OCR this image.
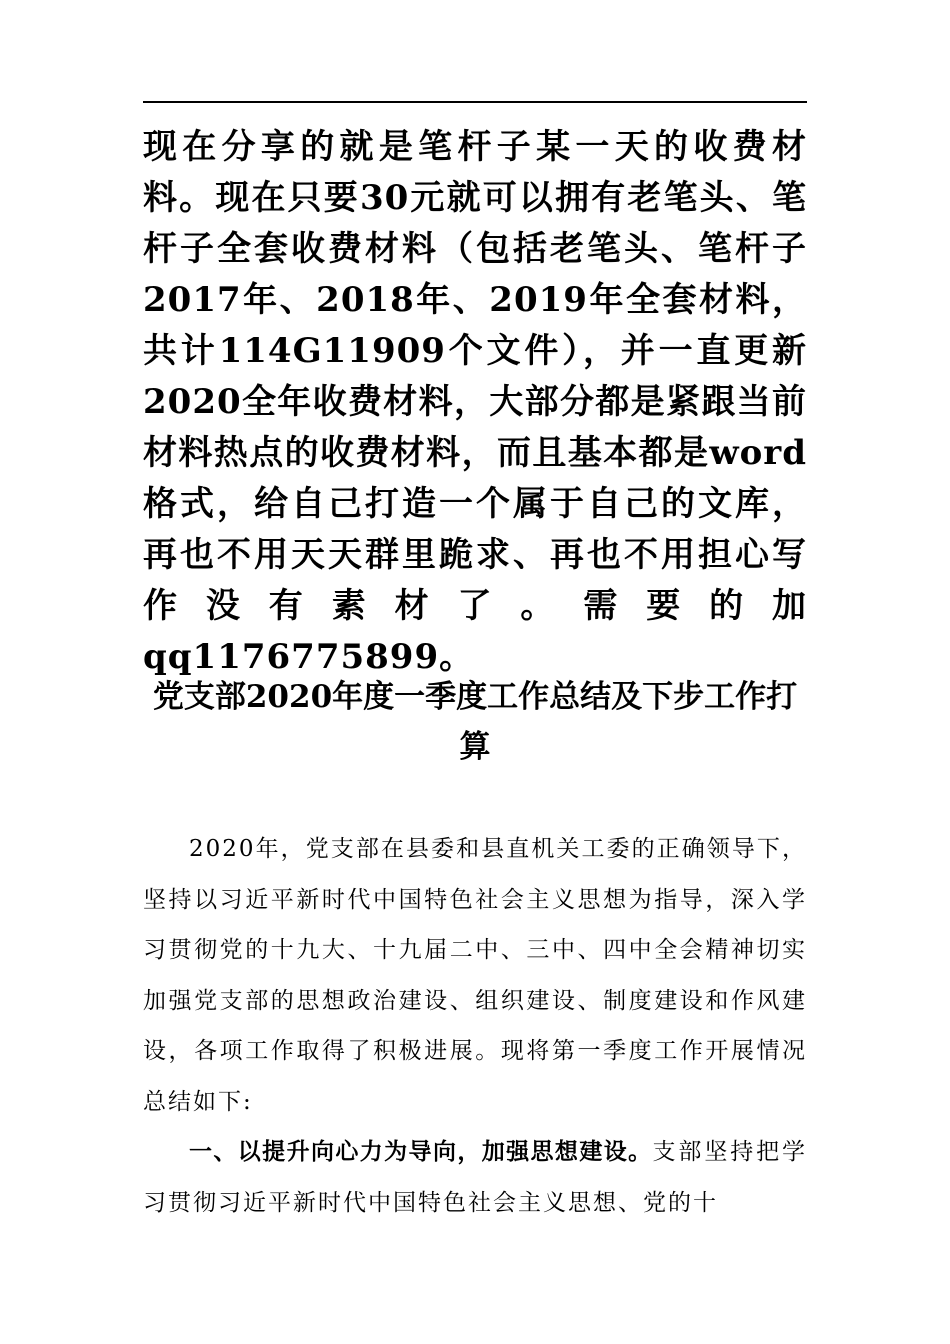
现在分享的就是笔杆子某一天的收费材料。现在只要30元就可以拥有老笔头、笔杆子全套收费材料（包括老笔头、笔杆子2017年、2018年、2019年全套材料，共计114G11909个文件），并一直更新2020全年收费材料，大部分都是紧跟当前材料热点的收费材料，而且基本都是word格式，给自己打造一个属于自己的文库，再也不用天天群里跪求、再也不用担心写作没有素材了。需要的加qq1176775899。

党支部2020年度一季度工作总结及下步工作打算

2020年，党支部在县委和县直机关工委的正确领导下，坚持以习近平新时代中国特色社会主义思想为指导，深入学习贯彻党的十九大、十九届二中、三中、四中全会精神切实加强党支部的思想政治建设、组织建设、制度建设和作风建设，各项工作取得了积极进展。现将第一季度工作开展情况总结如下:

一、以提升向心力为导向，加强思想建设。支部坚持把学习贯彻习近平新时代中国特色社会主义思想、党的十
